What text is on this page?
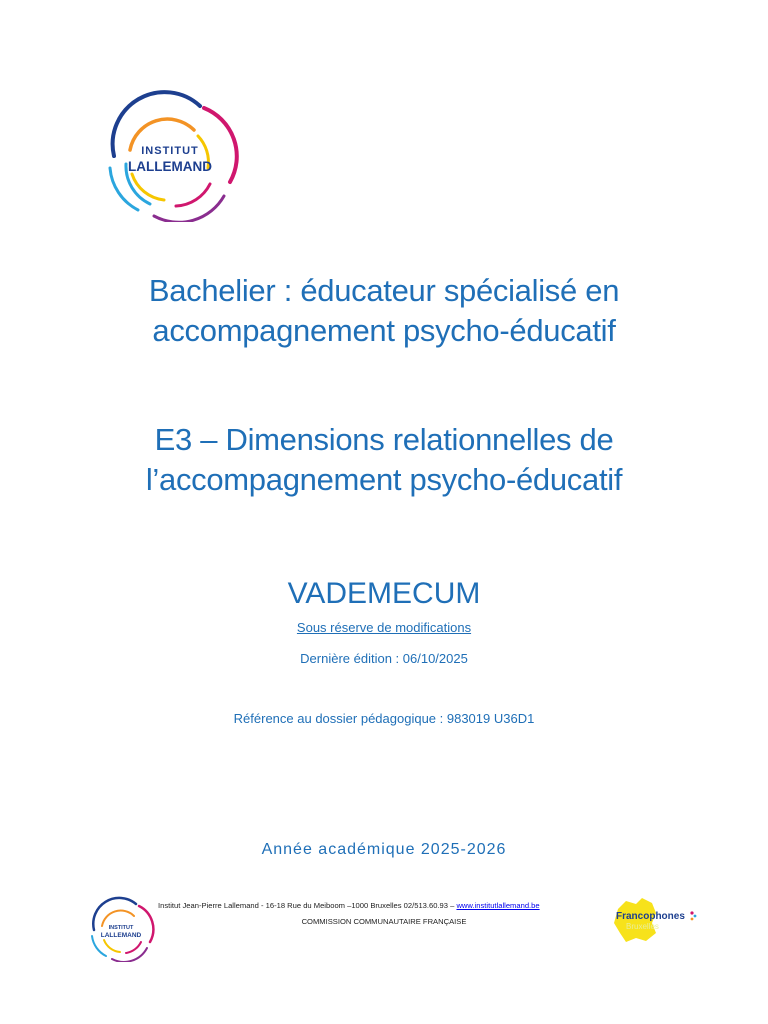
INSTITUT
LALLEMAND
Bachelier : éducateur spécialisé en
accompagnement psycho-éducatif
E3 – Dimensions relationnelles de
l’accompagnement psycho-éducatif
VADEMECUM
Sous réserve de modifications
Dernière édition : 06/10/2025
Référence au dossier pédagogique : 983019 U36D1
Année académique 2025-2026
INSTITUT
LALLEMAND
Institut Jean-Pierre Lallemand - 16-18 Rue du Meiboom –1000 Bruxelles 02/513.60.93 – www.institutlallemand.be
COMMISSION COMMUNAUTAIRE FRANÇAISE	Francophones
Bruxelles
